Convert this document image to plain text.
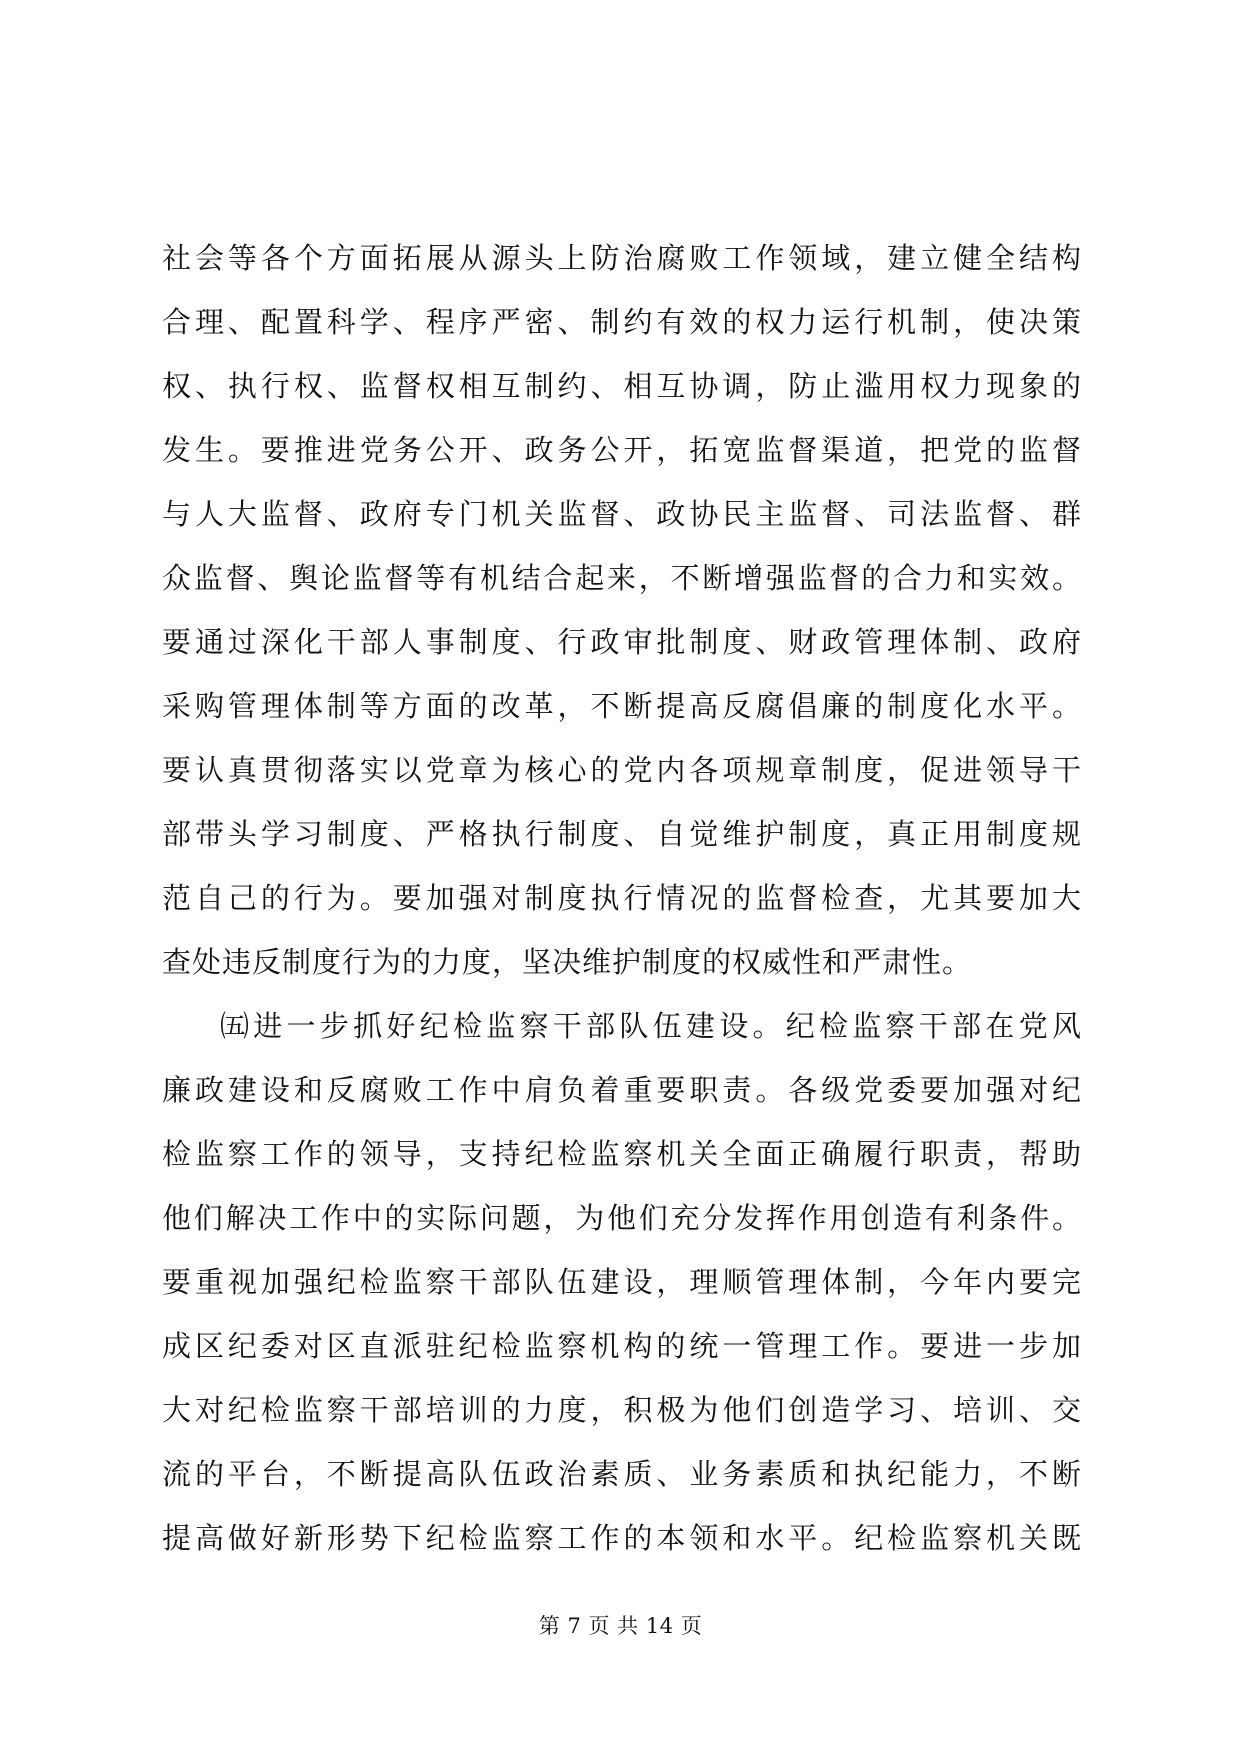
社会等各个方面拓展从源头上防治腐败工作领域，建立健全结构
合理、配置科学、程序严密、制约有效的权力运行机制，使决策
权、执行权、监督权相互制约、相互协调，防止滥用权力现象的
发生。要推进党务公开、政务公开，拓宽监督渠道，把党的监督
与人大监督、政府专门机关监督、政协民主监督、司法监督、群
众监督、舆论监督等有机结合起来，不断增强监督的合力和实效。
要通过深化干部人事制度、行政审批制度、财政管理体制、政府
采购管理体制等方面的改革，不断提高反腐倡廉的制度化水平。
要认真贯彻落实以党章为核心的党内各项规章制度，促进领导干
部带头学习制度、严格执行制度、自觉维护制度，真正用制度规
范自己的行为。要加强对制度执行情况的监督检查，尤其要加大
查处违反制度行为的力度，坚决维护制度的权威性和严肃性。
㈤进一步抓好纪检监察干部队伍建设。纪检监察干部在党风
廉政建设和反腐败工作中肩负着重要职责。各级党委要加强对纪
检监察工作的领导，支持纪检监察机关全面正确履行职责，帮助
他们解决工作中的实际问题，为他们充分发挥作用创造有利条件。
要重视加强纪检监察干部队伍建设，理顺管理体制，今年内要完
成区纪委对区直派驻纪检监察机构的统一管理工作。要进一步加
大对纪检监察干部培训的力度，积极为他们创造学习、培训、交
流的平台，不断提高队伍政治素质、业务素质和执纪能力，不断
提高做好新形势下纪检监察工作的本领和水平。纪检监察机关既
第 7 页 共 14 页
